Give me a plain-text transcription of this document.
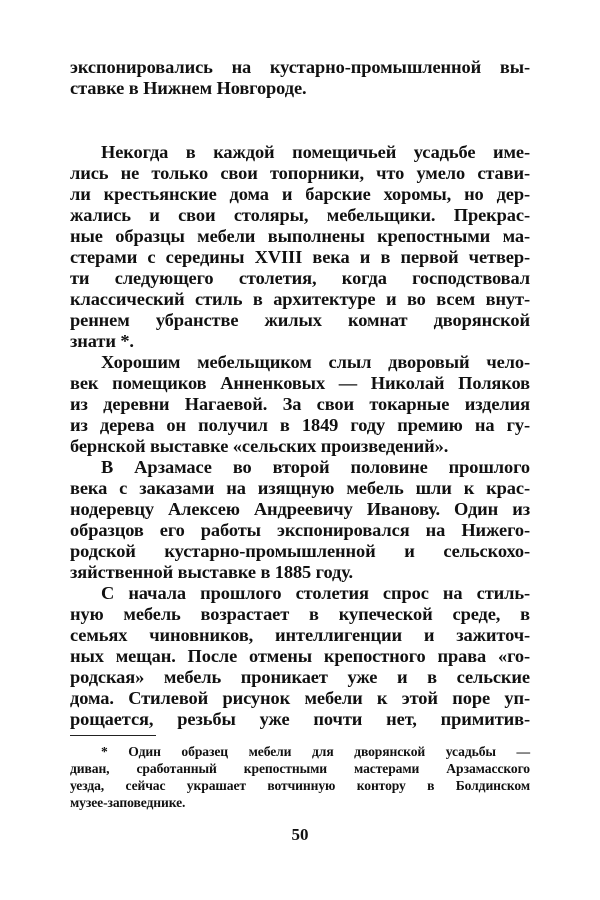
экспонировались на кустарно-промышленной вы-
ставке в Нижнем Новгороде.
Некогда в каждой помещичьей усадьбе име-
лись не только свои топорники, что умело стави-
ли крестьянские дома и барские хоромы, но дер-
жались и свои столяры, мебельщики. Прекрас-
ные образцы мебели выполнены крепостными ма-
стерами с середины XVIII века и в первой четвер-
ти следующего столетия, когда господствовал
классический стиль в архитектуре и во всем внут-
реннем убранстве жилых комнат дворянской
знати *.
Хорошим мебельщиком слыл дворовый чело-
век помещиков Анненковых — Николай Поляков
из деревни Нагаевой. За свои токарные изделия
из дерева он получил в 1849 году премию на гу-
бернской выставке «сельских произведений».
В Арзамасе во второй половине прошлого
века с заказами на изящную мебель шли к крас-
нодеревцу Алексею Андреевичу Иванову. Один из
образцов его работы экспонировался на Нижего-
родской кустарно-промышленной и сельскохо-
зяйственной выставке в 1885 году.
С начала прошлого столетия спрос на стиль-
ную мебель возрастает в купеческой среде, в
семьях чиновников, интеллигенции и зажиточ-
ных мещан. После отмены крепостного права «го-
родская» мебель проникает уже и в сельские
дома. Стилевой рисунок мебели к этой поре уп-
рощается, резьбы уже почти нет, примитив-
* Один образец мебели для дворянской усадьбы —
диван, сработанный крепостными мастерами Арзамасского
уезда, сейчас украшает вотчинную контору в Болдинском
музее-заповеднике.
50
